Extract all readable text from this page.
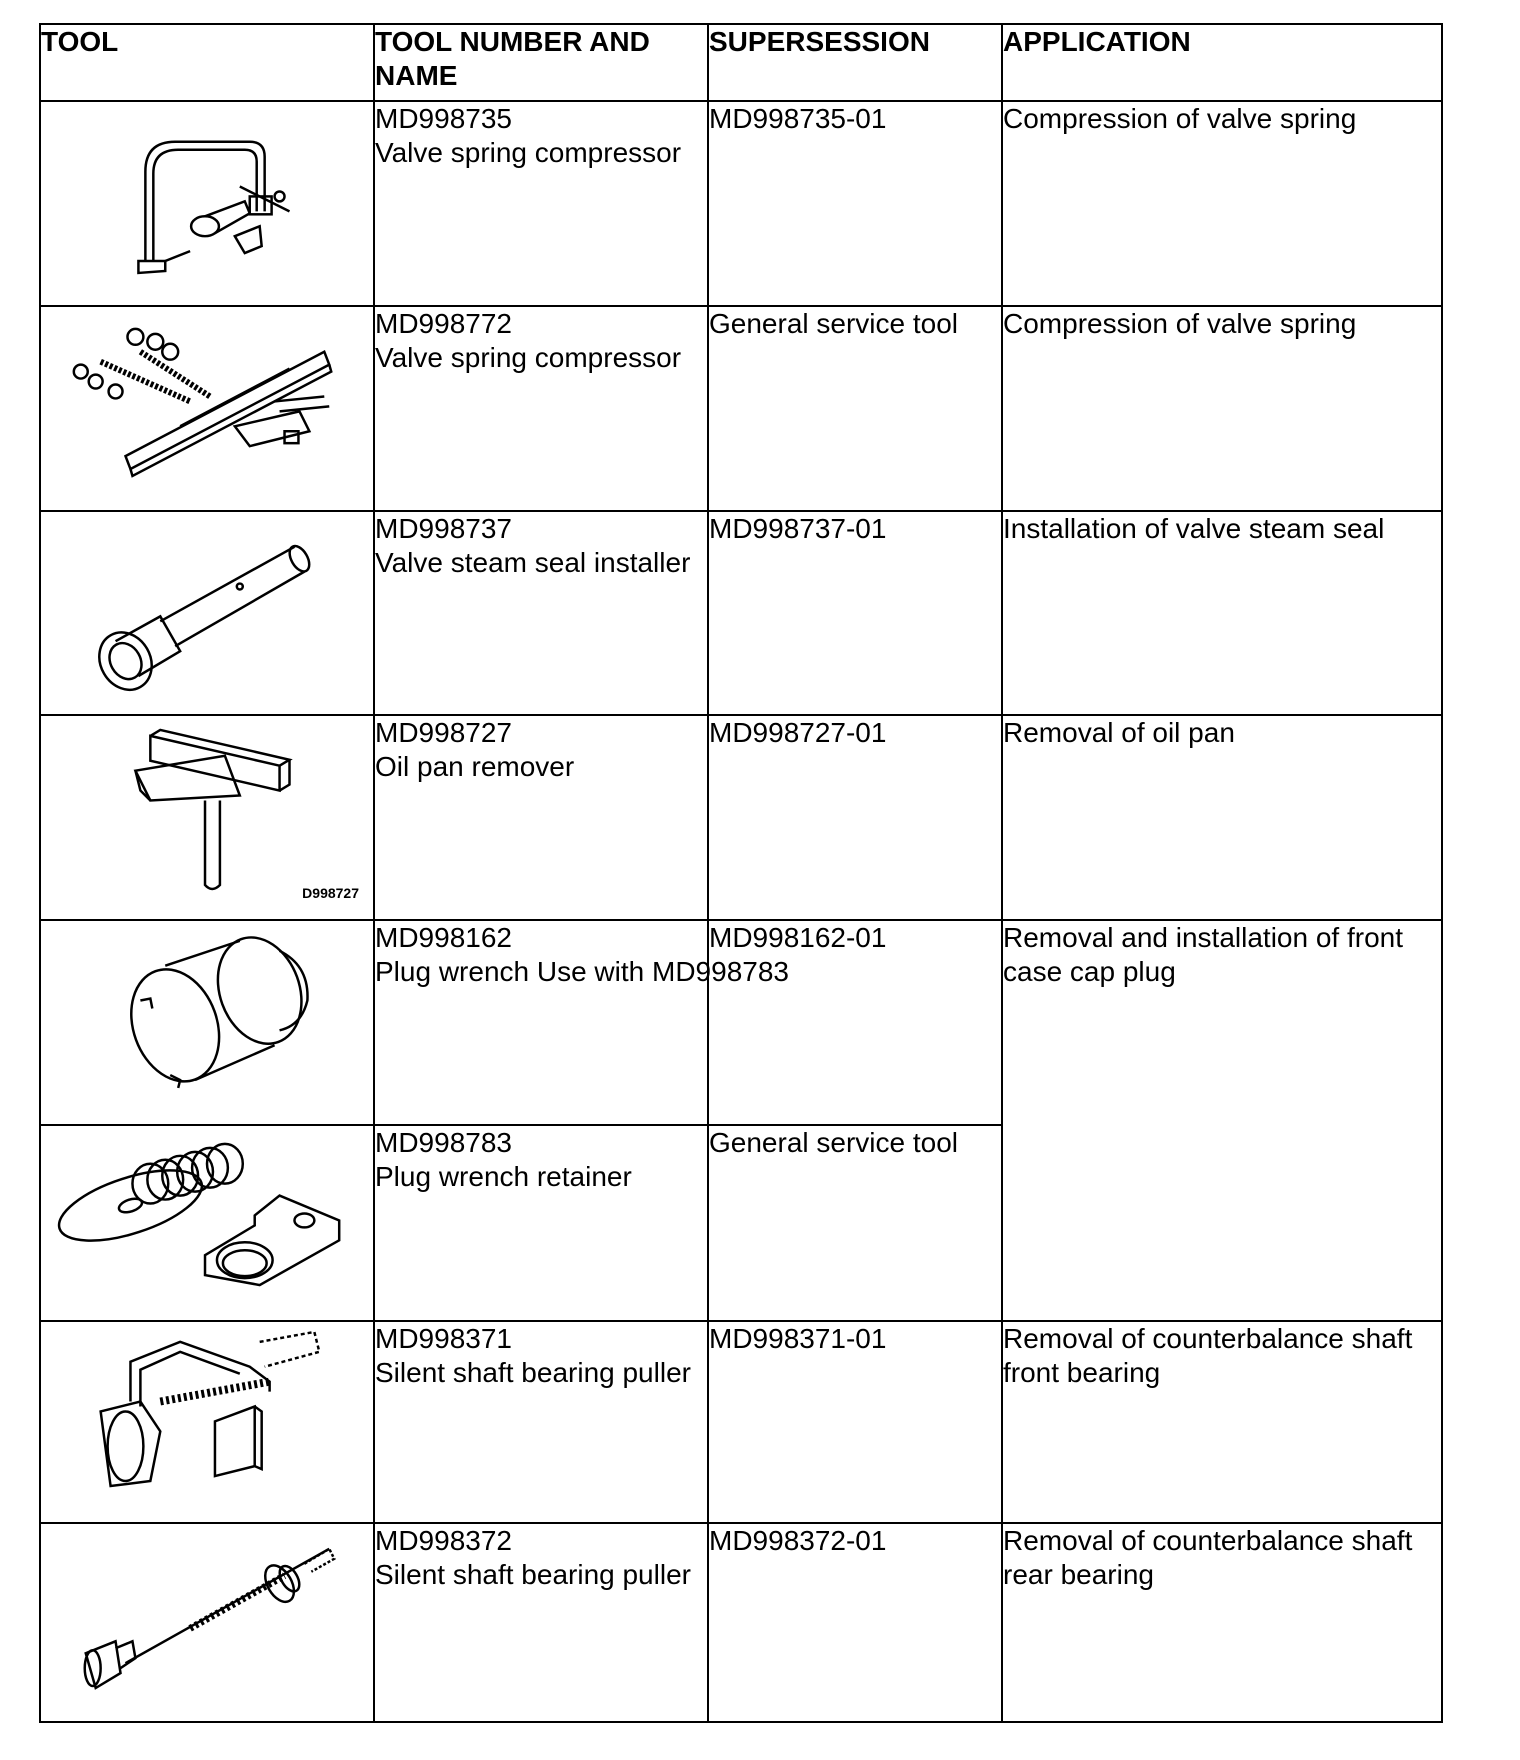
TOOL	TOOL NUMBER AND NAME	SUPERSESSION	APPLICATION

MD998735
Valve spring compressor	MD998735-01	Compression of valve spring

MD998772
Valve spring compressor	General service tool	Compression of valve spring

MD998737
Valve steam seal installer	MD998737-01	Installation of valve steam seal

D998727	MD998727
Oil pan remover	MD998727-01	Removal of oil pan

MD998162
Plug wrench Use with MD998783	MD998162-01	Removal and installation of front case cap plug

MD998783
Plug wrench retainer	General service tool	

MD998371
Silent shaft bearing puller	MD998371-01	Removal of counterbalance shaft front bearing

MD998372
Silent shaft bearing puller	MD998372-01	Removal of counterbalance shaft rear bearing
